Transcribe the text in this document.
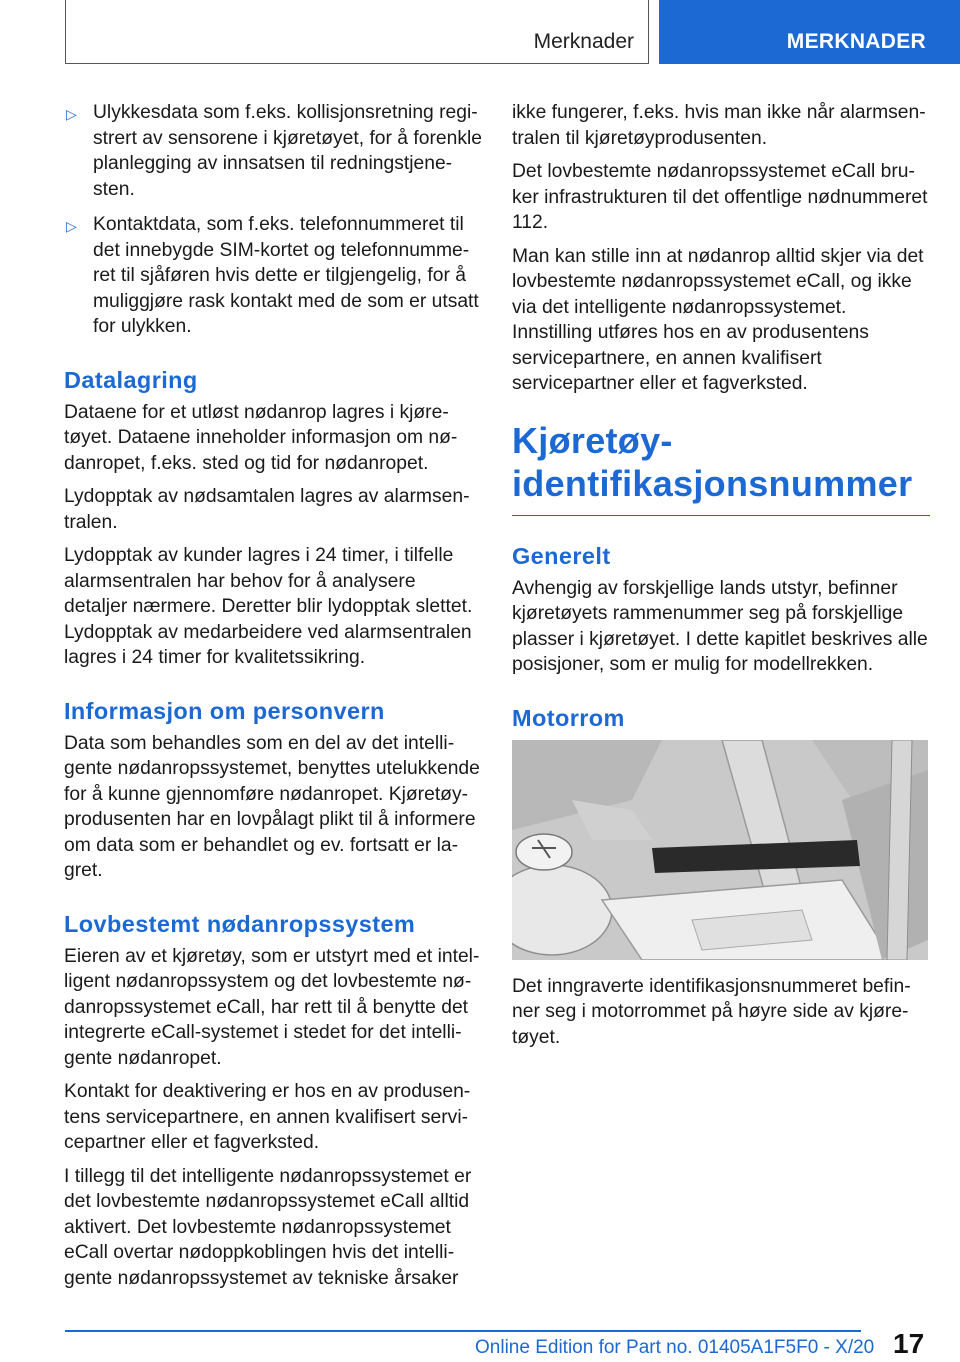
Merknader	MERKNADER

▷ Ulykkesdata som f.eks. kollisjonsretning registrert av sensorene i kjøretøyet, for å forenkle planlegging av innsatsen til redningstjenesten.

▷ Kontaktdata, som f.eks. telefonnummeret til det innebygde SIM-kortet og telefonnummeret til sjåføren hvis dette er tilgjengelig, for å muliggjøre rask kontakt med de som er utsatt for ulykken.

Datalagring

Dataene for et utløst nødanrop lagres i kjøretøyet. Dataene inneholder informasjon om nødanropet, f.eks. sted og tid for nødanropet.

Lydopptak av nødsamtalen lagres av alarmsentralen.

Lydopptak av kunder lagres i 24 timer, i tilfelle alarmsentralen har behov for å analysere detaljer nærmere. Deretter blir lydopptak slettet. Lydopptak av medarbeidere ved alarmsentralen lagres i 24 timer for kvalitetssikring.

Informasjon om personvern

Data som behandles som en del av det intelligente nødanropssystemet, benyttes utelukkende for å kunne gjennomføre nødanropet. Kjøretøyprodusenten har en lovpålagt plikt til å informere om data som er behandlet og ev. fortsatt er lagret.

Lovbestemt nødanropssystem

Eieren av et kjøretøy, som er utstyrt med et intelligent nødanropssystem og det lovbestemte nødanropssystemet eCall, har rett til å benytte det integrerte eCall-systemet i stedet for det intelligente nødanropet.

Kontakt for deaktivering er hos en av produsentens servicepartnere, en annen kvalifisert servicepartner eller et fagverksted.

I tillegg til det intelligente nødanropssystemet er det lovbestemte nødanropssystemet eCall alltid aktivert. Det lovbestemte nødanropssystemet eCall overtar nødoppkoblingen hvis det intelligente nødanropssystemet av tekniske årsaker

ikke fungerer, f.eks. hvis man ikke når alarmsentralen til kjøretøyprodusenten.

Det lovbestemte nødanropssystemet eCall bruker infrastrukturen til det offentlige nødnummeret 112.

Man kan stille inn at nødanrop alltid skjer via det lovbestemte nødanropssystemet eCall, og ikke via det intelligente nødanropssystemet. Innstilling utføres hos en av produsentens servicepartnere, en annen kvalifisert servicepartner eller et fagverksted.

Kjøretøyidentifikasjonsnummer
Generelt

Avhengig av forskjellige lands utstyr, befinner kjøretøyets rammenummer seg på forskjellige plasser i kjøretøyet. I dette kapitlet beskrives alle posisjoner, som er mulig for modellrekken.

Motorrom

Det inngraverte identifikasjonsnummeret befinner seg i motorrommet på høyre side av kjøretøyet.

17
Online Edition for Part no. 01405A1F5F0 - X/20
